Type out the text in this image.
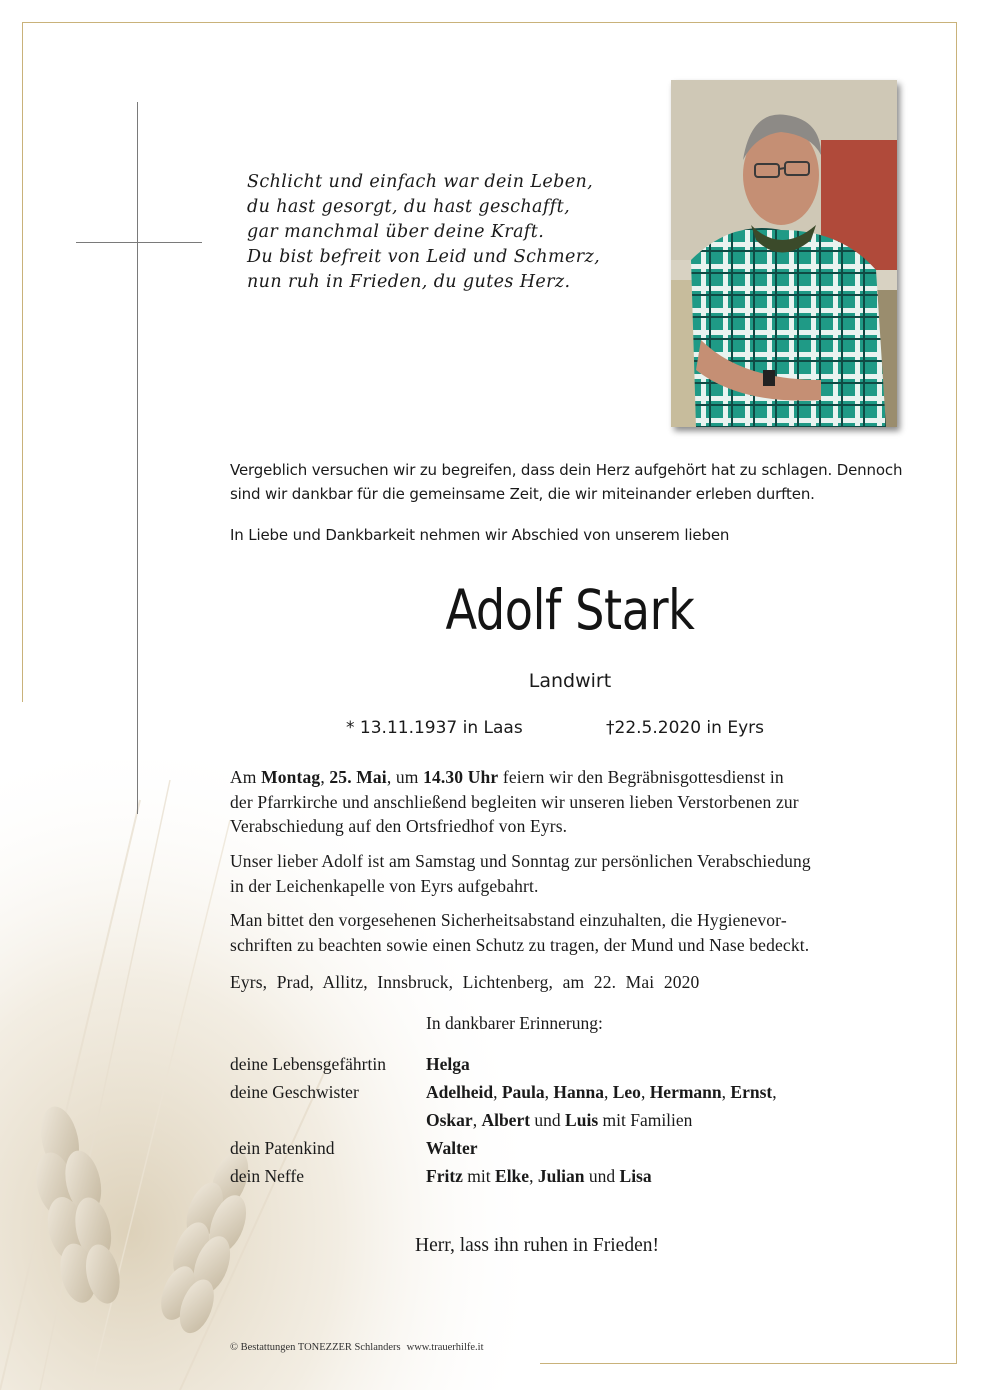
Schlicht und einfach war dein Leben,
du hast gesorgt, du hast geschafft,
gar manchmal über deine Kraft.
Du bist befreit von Leid und Schmerz,
nun ruh in Frieden, du gutes Herz.
Vergeblich versuchen wir zu begreifen, dass dein Herz aufgehört hat zu schlagen. Dennoch
sind wir dankbar für die gemeinsame Zeit, die wir miteinander erleben durften.
In Liebe und Dankbarkeit nehmen wir Abschied von unserem lieben
Adolf Stark
Landwirt
* 13.11.1937 in Laas	†22.5.2020 in Eyrs
Am Montag, 25. Mai, um 14.30 Uhr feiern wir den Begräbnisgottesdienst in
der Pfarrkirche und anschließend begleiten wir unseren lieben Verstorbenen zur
Verabschiedung auf den Ortsfriedhof von Eyrs.
Unser lieber Adolf ist am Samstag und Sonntag zur persönlichen Verabschiedung
in der Leichenkapelle von Eyrs aufgebahrt.
Man bittet den vorgesehenen Sicherheitsabstand einzuhalten, die Hygienevor-
schriften zu beachten sowie einen Schutz zu tragen, der Mund und Nase bedeckt.
Eyrs, Prad, Allitz, Innsbruck, Lichtenberg, am 22. Mai 2020
In dankbarer Erinnerung:
deine Lebensgefährtin Helga
deine Geschwister	Adelheid, Paula, Hanna, Leo, Hermann, Ernst,
Oskar, Albert und Luis mit Familien
dein Patenkind	Walter
dein Neffe	Fritz mit Elke, Julian und Lisa
Herr, lass ihn ruhen in Frieden!
© Bestattungen TONEZZER Schlanders www.trauerhilfe.it
